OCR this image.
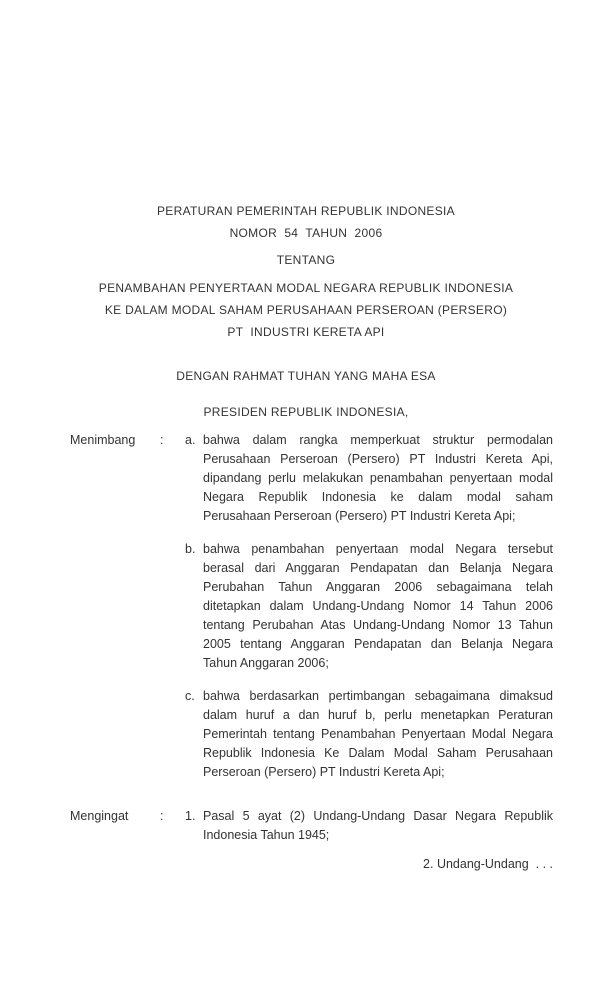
PERATURAN PEMERINTAH REPUBLIK INDONESIA
NOMOR  54  TAHUN  2006
TENTANG
PENAMBAHAN PENYERTAAN MODAL NEGARA REPUBLIK INDONESIA
KE DALAM MODAL SAHAM PERUSAHAAN PERSEROAN (PERSERO)
PT  INDUSTRI KERETA API
DENGAN RAHMAT TUHAN YANG MAHA ESA
PRESIDEN REPUBLIK INDONESIA,
Menimbang	:	a. bahwa dalam rangka memperkuat struktur permodalan Perusahaan Perseroan (Persero) PT Industri Kereta Api, dipandang perlu melakukan penambahan penyertaan modal Negara Republik Indonesia ke dalam modal saham Perusahaan Perseroan (Persero) PT Industri Kereta Api;
b. bahwa penambahan penyertaan modal Negara tersebut berasal dari Anggaran Pendapatan dan Belanja Negara Perubahan Tahun Anggaran 2006 sebagaimana telah ditetapkan dalam Undang-Undang Nomor 14 Tahun 2006 tentang Perubahan Atas Undang-Undang Nomor 13 Tahun 2005 tentang Anggaran Pendapatan dan Belanja Negara Tahun Anggaran 2006;
c. bahwa berdasarkan pertimbangan sebagaimana dimaksud dalam huruf a dan huruf b, perlu menetapkan Peraturan Pemerintah tentang Penambahan Penyertaan Modal Negara Republik Indonesia Ke Dalam Modal Saham Perusahaan Perseroan (Persero) PT Industri Kereta Api;
Mengingat	:	1. Pasal 5 ayat (2) Undang-Undang Dasar Negara Republik Indonesia Tahun 1945;
2. Undang-Undang  . . .
